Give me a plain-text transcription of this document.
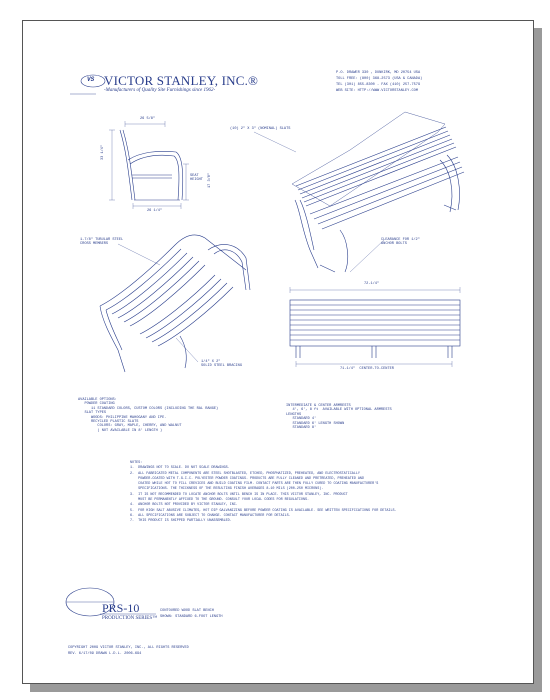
VICTOR STANLEY, INC.®
-Manufacturers of Quality Site Furnishings since 1962-
VS
P.O. DRAWER 330 , DUNKIRK, MD 20754 USA
TOLL FREE: (800) 368-2573 (USA & CANADA)
TEL (301) 855-8300 - FAX (410) 257-7579
WEB SITE: HTTP://WWW.VICTORSTANLEY.COM
26 5/8"
33 1/4"
SEAT
HEIGHT 17 3/8"
26 1/4"
(10) 2" X 3" (NOMINAL) SLATS
CLEARANCE FOR 1/2"
ANCHOR BOLTS
1-7/8" TUBULAR STEEL
CROSS MEMBERS
1/4" X 2"
SOLID STEEL BRACING
72-1/4"
71-1/4"  CENTER-TO-CENTER
AVAILABLE OPTIONS:
POWDER COATING
11 STANDARD COLORS, CUSTOM COLORS (INCLUDING THE RAL RANGE)
SLAT TYPES
WOODS: PHILIPPINE MAHOGANY AND IPE.
RECYCLED PLASTIC SLATS
COLORS: GRAY, MAPLE, CHERRY, AND WALNUT
( NOT AVAILABLE IN 8' LENGTH )
INTERMEDIATE & CENTER ARMRESTS
4', 6', 8 ft  AVAILABLE WITH OPTIONAL ARMRESTS
LENGTHS
STANDARD 4'
STANDARD 6' LENGTH SHOWN
STANDARD 8'
NOTES:
1.  DRAWINGS NOT TO SCALE. DO NOT SCALE DRAWINGS.
2.  ALL FABRICATED METAL COMPONENTS ARE STEEL SHOTBLASTED, ETCHED, PHOSPHATIZED, PREHEATED, AND ELECTROSTATICALLY
POWDER-COATED WITH T.G.I.C. POLYESTER POWDER COATINGS. PRODUCTS ARE FULLY CLEANED AND PRETREATED, PREHEATED AND
COATED WHILE HOT TO FILL CREVICES AND BUILD COATING FILM. CONTACT PARTS ARE THEN FULLY CURED TO COATING MANUFACTURER'S
SPECIFICATIONS. THE THICKNESS OF THE RESULTING FINISH AVERAGES 8-10 MILS (200-250 MICRONS).
3.  IT IS NOT RECOMMENDED TO LOCATE ANCHOR BOLTS UNTIL BENCH IS IN PLACE. THIS VICTOR STANLEY, INC. PRODUCT
MUST BE PERMANENTLY AFFIXED TO THE GROUND. CONSULT YOUR LOCAL CODES FOR REGULATIONS.
4.  ANCHOR BOLTS NOT PROVIDED BY VICTOR STANLEY, INC.
5.  FOR HIGH SALT ABUSIVE CLIMATES, HOT DIP GALVANIZING BEFORE POWDER COATING IS AVAILABLE. SEE WRITTEN SPECIFICATIONS FOR DETAILS.
6.  ALL SPECIFICATIONS ARE SUBJECT TO CHANGE. CONTACT MANUFACTURER FOR DETAILS.
7.  THIS PRODUCT IS SHIPPED PARTIALLY UNASSEMBLED.
PRS-10
PRODUCTION SERIES™
CONTOURED WOOD SLAT BENCH
SHOWN: STANDARD 6-FOOT LENGTH
COPYRIGHT 2009 VICTOR STANLEY, INC., ALL RIGHTS RESERVED
REV. 6/17/09 DRAWN L.D.L. 2006-694
